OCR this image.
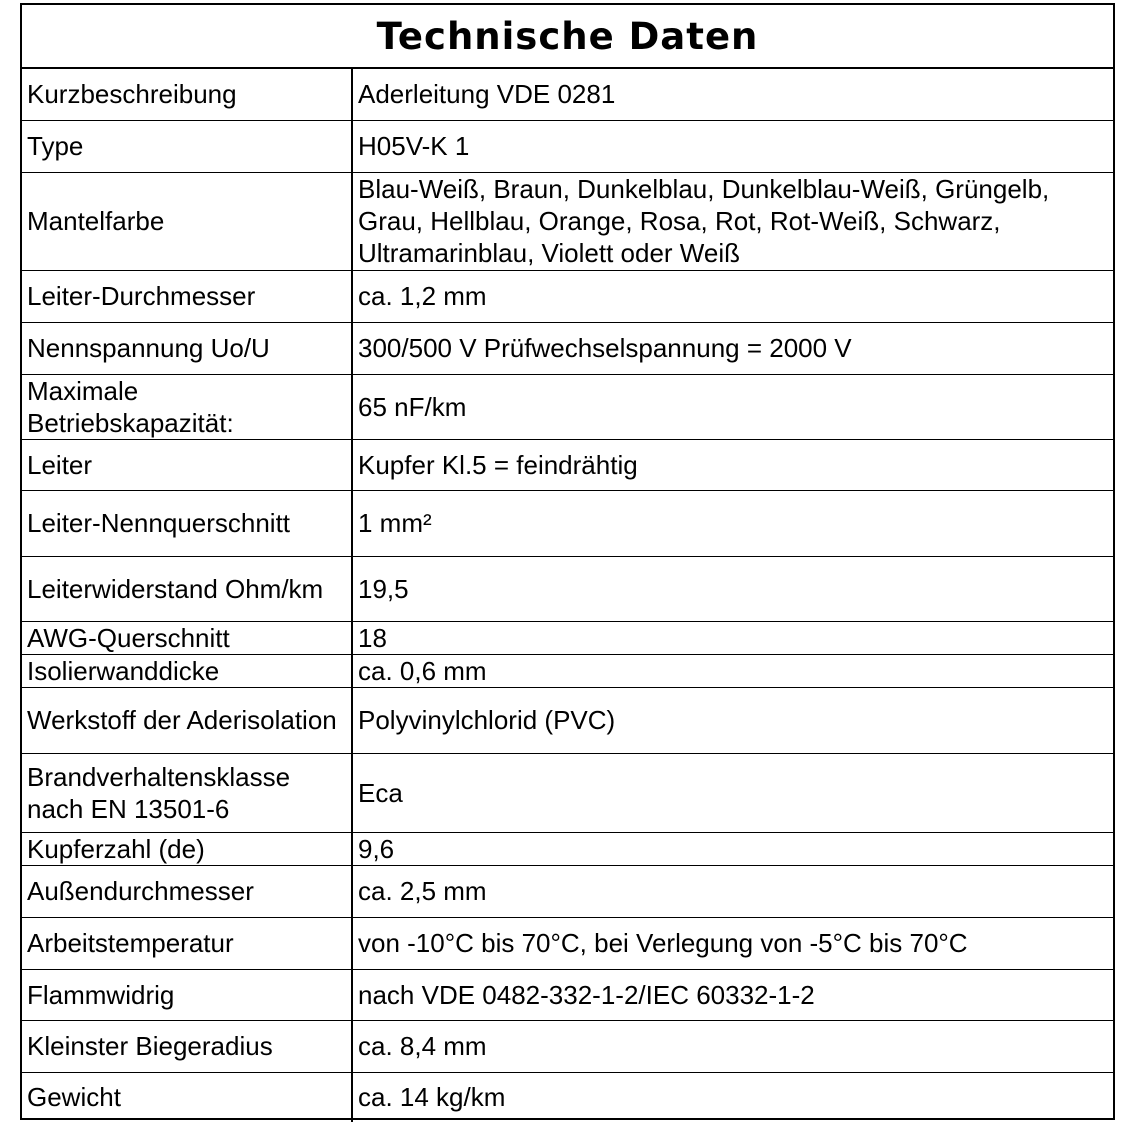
Technische Daten
Kurzbeschreibung	Aderleitung VDE 0281
Type	H05V-K 1
Mantelfarbe	Blau-Weiß, Braun, Dunkelblau, Dunkelblau-Weiß, Grüngelb, Grau, Hellblau, Orange, Rosa, Rot, Rot-Weiß, Schwarz, Ultramarinblau, Violett oder Weiß
Leiter-Durchmesser	ca. 1,2 mm
Nennspannung Uo/U	300/500 V Prüfwechselspannung = 2000 V
Maximale Betriebskapazität:	65 nF/km
Leiter	Kupfer Kl.5 = feindrähtig
Leiter-Nennquerschnitt	1 mm²
Leiterwiderstand Ohm/km	19,5
AWG-Querschnitt	18
Isolierwanddicke	ca. 0,6 mm
Werkstoff der Aderisolation	Polyvinylchlorid (PVC)
Brandverhaltensklasse nach EN 13501-6	Eca
Kupferzahl (de)	9,6
Außendurchmesser	ca. 2,5 mm
Arbeitstemperatur	von -10°C bis 70°C, bei Verlegung von -5°C bis 70°C
Flammwidrig	nach VDE 0482-332-1-2/IEC 60332-1-2
Kleinster Biegeradius	ca. 8,4 mm
Gewicht	ca. 14 kg/km
